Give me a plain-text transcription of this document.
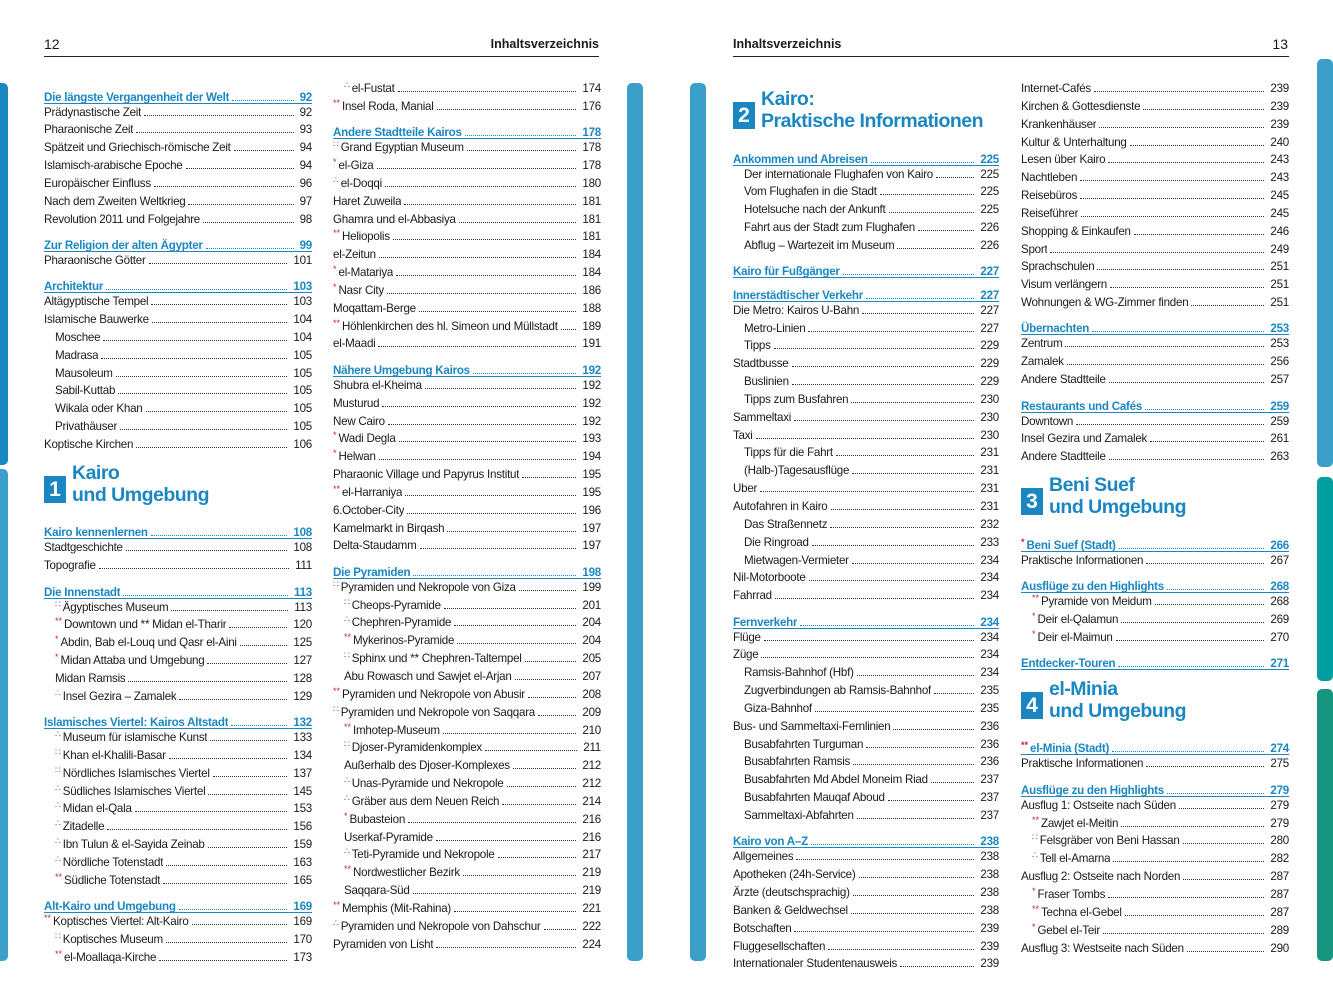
12	Inhaltsverzeichnis	Inhaltsverzeichnis	13
Die längste Vergangenheit der Welt	92
Prädynastische Zeit	92
Pharaonische Zeit	93
Spätzeit und Griechisch-römische Zeit	94
Islamisch-arabische Epoche	94
Europäischer Einfluss	96
Nach dem Zweiten Weltkrieg	97
Revolution 2011 und Folgejahre	98
Zur Religion der alten Ägypter	99
Pharaonische Götter	101
Architektur	103
Altägyptische Tempel	103
Islamische Bauwerke	104
Moschee	104
Madrasa	105
Mausoleum	105
Sabil-Kuttab	105
Wikala oder Khan	105
Privathäuser	105
Koptische Kirchen	106
1
Kairo
und Umgebung
Kairo kennenlernen	108
Stadtgeschichte	108
Topografie	111
Die Innenstadt	113
∷ Ägyptisches Museum	113
** Downtown und ** Midan el-Tharir	120
* Abdin, Bab el-Louq und Qasr el-Aini	125
* Midan Attaba und Umgebung	127
Midan Ramsis	128
∴ Insel Gezira – Zamalek	129
Islamisches Viertel: Kairos Altstadt	132
∴ Museum für islamische Kunst	133
∷ Khan el-Khalili-Basar	134
∷ Nördliches Islamisches Viertel	137
∴ Südliches Islamisches Viertel	145
∴ Midan el-Qala	153
∴ Zitadelle	156
∴ Ibn Tulun & el-Sayida Zeinab	159
∴ Nördliche Totenstadt	163
** Südliche Totenstadt	165
Alt-Kairo und Umgebung	169
** Koptisches Viertel: Alt-Kairo	169
∷ Koptisches Museum	170
** el-Moallaqa-Kirche	173
∴ el-Fustat	174
** Insel Roda, Manial	176
Andere Stadtteile Kairos	178
∷ Grand Egyptian Museum	178
* el-Giza	178
∴ el-Doqqi	180
Haret Zuweila	181
Ghamra und el-Abbasiya	181
** Heliopolis	181
el-Zeitun	184
* el-Matariya	184
* Nasr City	186
Moqattam-Berge	188
** Höhlenkirchen des hl. Simeon und Müllstadt 189
el-Maadi	191
Nähere Umgebung Kairos	192
Shubra el-Kheima	192
Musturud	192
New Cairo	192
* Wadi Degla	193
* Helwan	194
Pharaonic Village und Papyrus Institut	195
** el-Harraniya	195
6.October-City	196
Kamelmarkt in Birqash	197
Delta-Staudamm	197
Die Pyramiden	198
∷ Pyramiden und Nekropole von Giza	199
∷ Cheops-Pyramide	201
∴ Chephren-Pyramide	204
** Mykerinos-Pyramide	204
∷ Sphinx und ** Chephren-Taltempel	205
Abu Rowasch und Sawjet el-Arjan	207
** Pyramiden und Nekropole von Abusir	208
∷ Pyramiden und Nekropole von Saqqara	209
** Imhotep-Museum	210
∷ Djoser-Pyramidenkomplex	211
Außerhalb des Djoser-Komplexes	212
∴ Unas-Pyramide und Nekropole	212
∴ Gräber aus dem Neuen Reich	214
* Bubasteion	216
Userkaf-Pyramide	216
∴ Teti-Pyramide und Nekropole	217
** Nordwestlicher Bezirk	219
Saqqara-Süd	219
** Memphis (Mit-Rahina)	221
∴ Pyramiden und Nekropole von Dahschur	222
Pyramiden von Lisht	224
2
Kairo:
Praktische Informationen
Ankommen und Abreisen	225
Der internationale Flughafen von Kairo	225
Vom Flughafen in die Stadt	225
Hotelsuche nach der Ankunft	225
Fahrt aus der Stadt zum Flughafen	226
Abflug – Wartezeit im Museum	226
Kairo für Fußgänger	227
Innerstädtischer Verkehr	227
Die Metro: Kairos U-Bahn	227
Metro-Linien	227
Tipps	229
Stadtbusse	229
Buslinien	229
Tipps zum Busfahren	230
Sammeltaxi	230
Taxi	230
Tipps für die Fahrt	231
(Halb-)Tagesausflüge	231
Uber	231
Autofahren in Kairo	231
Das Straßennetz	232
Die Ringroad	233
Mietwagen-Vermieter	234
Nil-Motorboote	234
Fahrrad	234
Fernverkehr	234
Flüge	234
Züge	234
Ramsis-Bahnhof (Hbf)	234
Zugverbindungen ab Ramsis-Bahnhof	235
Giza-Bahnhof	235
Bus- und Sammeltaxi-Fernlinien	236
Busabfahrten Turguman	236
Busabfahrten Ramsis	236
Busabfahrten Md Abdel Moneim Riad	237
Busabfahrten Mauqaf Aboud	237
Sammeltaxi-Abfahrten	237
Kairo von A–Z	238
Allgemeines	238
Apotheken (24h-Service)	238
Ärzte (deutschsprachig)	238
Banken & Geldwechsel	238
Botschaften	239
Fluggesellschaften	239
Internationaler Studentenausweis	239
Internet-Cafés	239
Kirchen & Gottesdienste	239
Krankenhäuser	239
Kultur & Unterhaltung	240
Lesen über Kairo	243
Nachtleben	243
Reisebüros	245
Reiseführer	245
Shopping & Einkaufen	246
Sport	249
Sprachschulen	251
Visum verlängern	251
Wohnungen & WG-Zimmer finden	251
Übernachten	253
Zentrum	253
Zamalek	256
Andere Stadtteile	257
Restaurants und Cafés	259
Downtown	259
Insel Gezira und Zamalek	261
Andere Stadtteile	263
3
Beni Suef
und Umgebung
* Beni Suef (Stadt)	266
Praktische Informationen	267
Ausflüge zu den Highlights	268
** Pyramide von Meidum	268
* Deir el-Qalamun	269
* Deir el-Maimun	270
Entdecker-Touren	271
4
el-Minia
und Umgebung
** el-Minia (Stadt)	274
Praktische Informationen	275
Ausflüge zu den Highlights	279
Ausflug 1: Ostseite nach Süden	279
** Zawjet el-Meitin	279
∷ Felsgräber von Beni Hassan	280
∴ Tell el-Amarna	282
Ausflug 2: Ostseite nach Norden	287
* Fraser Tombs	287
** Techna el-Gebel	287
* Gebel el-Teir	289
Ausflug 3: Westseite nach Süden	290
